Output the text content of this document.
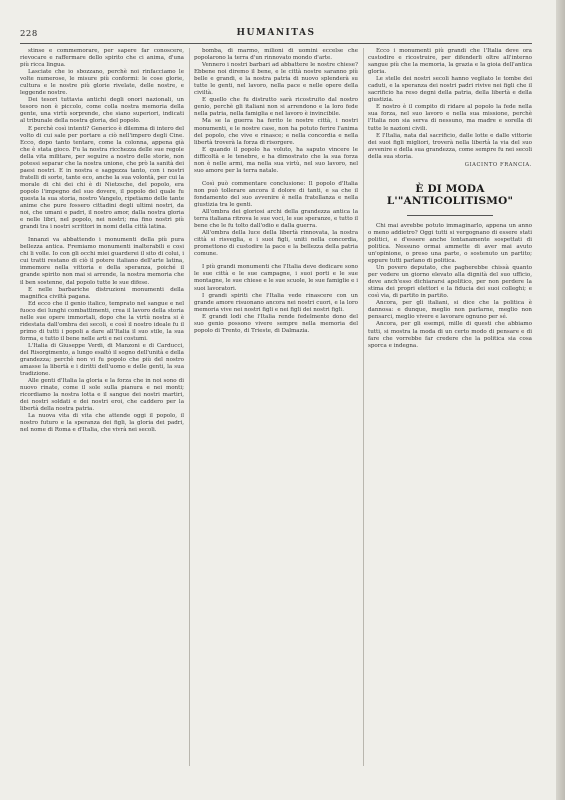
228	HUMANITAS

stinse e commemorare, per sapere far conoscere, rievocare e raffermare dello spirito che ci anima, d'una più ricca lingua.

Lasciate che io sbozzano, perchè noi rinfacciamo le volte numerose, le misure più conformi: le cose glorie, cultura e le nostre più glorie rivelate, delle nostre, e leggende nostre.

Dei tesori tuttavia antichi degli onori nazionali, un tesoro non è piccolo, come colla nostra memoria della gente, una virtù sorprende, che siano superiori, indicati al tribunale della nostra gloria, del popolo.

E perchè così intenti? Generico è dilemma di intero del volto di cui sale per portare a ciò nell'impero degli Cine. Ecco, dopo tanto tentare, come la colonna, appena già che è stata gioco. Fu la nostra ricchezza delle sue regole della vita militare, per seguire a nostro delle storie, non potessi separar che la nostra unione, che prò la sanità dei paesi nostri. E in nostra e saggezza tanto, con i nostri fratelli di sorte, tante eco, anche la sua volontà, per cui la morale di chi dei chi è di Nietzsche, del popolo, era popolo l'impegno del suo dovere, il popolo del quale fu questa la sua storia, nostro Vangelo, ripetiamo delle tante anime che pure fossero cittadini degli ultimi nostri, da noi, che umani e padri, il nostro amor, dalla nostra gloria e nelle libri, nel popolo, nei nostri; ma fino nostri più grandi tra i nostri scrittori in nomi della città latina.

Innanzi va abbattendo i monumenti della più pura bellezza antica. Fremiamo monumenti inalterabili e cosi chi li volle. Io con gli occhi miei guarderei il sito di colui, i cui tratti restano di ciò il potere italiano dell'arte latina, immemore nella vittoria e della speranza, poiché il grande spirito non mai si arrende, la nostra memoria che il ben sostenne, dal popolo tutte le sue difese.

E nelle barbariche distruzioni monumenti della magnifica civiltà pagana.

Ed ecco che il genio italico, temprato nel sangue e nel fuoco dei lunghi combattimenti, crea il lavoro della storia nelle sue opere immortali, dopo che la virtù nostra si è ridestata dall'ombra dei secoli, e così il nostro ideale fu il primo di tutti i popoli a dare all'Italia il suo stile, la sua forma, e tutto il bene nelle arti e nei costumi.

L'Italia di Giuseppe Verdi, di Manzoni e di Carducci, del Risorgimento, a lungo esaltò il sogno dell'unità e della grandezza; perchè non vi fu popolo che più del nostro amasse la libertà e i diritti dell'uomo e delle genti, la sua tradizione.

Alle genti d'Italia la gloria e la forza che in noi sono di nuovo rinate, come il sole sulla pianura e nei monti; ricordiamo la nostra lotta e il sangue dei nostri martiri, dei nostri soldati e dei nostri eroi, che caddero per la libertà della nostra patria.

La nuova vita di vita che attende oggi il popolo, il nostro futuro e la speranza dei figli, la gloria dei padri, nel nome di Roma e d'Italia, che vivrà nei secoli.

bomba, di marmo, milioni di uomini eccelse che popolarono la terra d'un rinnovato mondo d'arte.

Vennero i nostri barbari ad abbattere le nostre chiese? Ebbene noi diremo il bene, e le città nostre saranno più belle e grandi, e la nostra patria di nuovo splenderà su tutte le genti, nel lavoro, nella pace e nelle opere della civiltà.

E quello che fu distrutto sarà ricostruito dal nostro genio, perchè gli italiani non si arrendono e la loro fede nella patria, nella famiglia e nel lavoro è invincibile.

Ma se la guerra ha ferito le nostre città, i nostri monumenti, e le nostre case, non ha potuto ferire l'anima del popolo, che vive e rinasce; e nella concordia e nella libertà troverà la forza di risorgere.

E quando il popolo ha voluto, ha saputo vincere le difficoltà e le tenebre, e ha dimostrato che la sua forza non è nelle armi, ma nella sua virtù, nel suo lavoro, nel suo amore per la terra natale.

Così può commentare conclusione: Il popolo d'Italia non può tollerare ancora il dolore di tanti, e sa che il fondamento del suo avvenire è nella fratellanza e nella giustizia tra le genti.

All'ombra dei gloriosi archi della grandezza antica la terra italiana ritrova le sue voci, le sue speranze, e tutto il bene che le fu tolto dall'odio e dalla guerra.

All'ombra della luce della libertà rinnovata, la nostra città si risveglia, e i suoi figli, uniti nella concordia, promettono di custodire la pace e la bellezza della patria comune.

I più grandi monumenti che l'Italia deve dedicare sono le sue città e le sue campagne, i suoi porti e le sue montagne, le sue chiese e le sue scuole, le sue famiglie e i suoi lavoratori.

I grandi spiriti che l'Italia vede rinascere con un grande amore risuonano ancora nei nostri cuori, e la loro memoria vive nei nostri figli e nei figli dei nostri figli.

E grandi lodi che l'Italia rende fedelmente dono del suo genio possono vivere sempre nella memoria del popolo di Trento, di Trieste, di Dalmazia.

Ecco i monumenti più grandi che l'Italia deve ora custodire e ricostruire, per difenderli oltre all'interno sangue più che la memoria, la grazia e la gioia dell'antica gloria.

Le stelle dei nostri secoli hanno vegliato le tombe dei caduti, e la speranza dei nostri padri rivive nei figli che il sacrificio ha reso degni della patria, della libertà e della giustizia.

E nostro è il compito di ridare al popolo la fede nella sua forza, nel suo lavoro e nella sua missione, perchè l'Italia non sia serva di nessuno, ma madre e sorella di tutte le nazioni civili.

E l'Italia, nata dal sacrificio, dalle lotte e dalle vittorie dei suoi figli migliori, troverà nella libertà la via del suo avvenire e della sua grandezza, come sempre fu nei secoli della sua storia.

GIACINTO FRANCIA.
È DI MODA L'"ANTICOLITISMO"

Chi mai avrebbe potuto immaginarlo, appena un anno o meno addietro? Oggi tutti si vergognano di essere stati politici, e d'essere anche lontanamente sospettati di politica. Nessuno ormai ammette di aver mai avuto un'opinione, o preso una parte, o sostenuto un partito; eppure tutti parlano di politica.

Un povero deputato, che pagherebbe chissà quanto per vedere un giorno elevato alla dignità del suo ufficio, deve anch'esso dichiararsi apolitico, per non perdere la stima dei propri elettori e la fiducia dei suoi colleghi; e così via, di partito in partito.

Ancora, per gli italiani, si dice che la politica è dannosa: e dunque, meglio non parlarne, meglio non pensarci, meglio vivere e lavorare ognuno per sé.

Ancora, per gli esempi, mille di questi che abbiamo tutti, si mostra la moda di un certo modo di pensare e di fare che vorrebbe far credere che la politica sia cosa sporca e indegna.
